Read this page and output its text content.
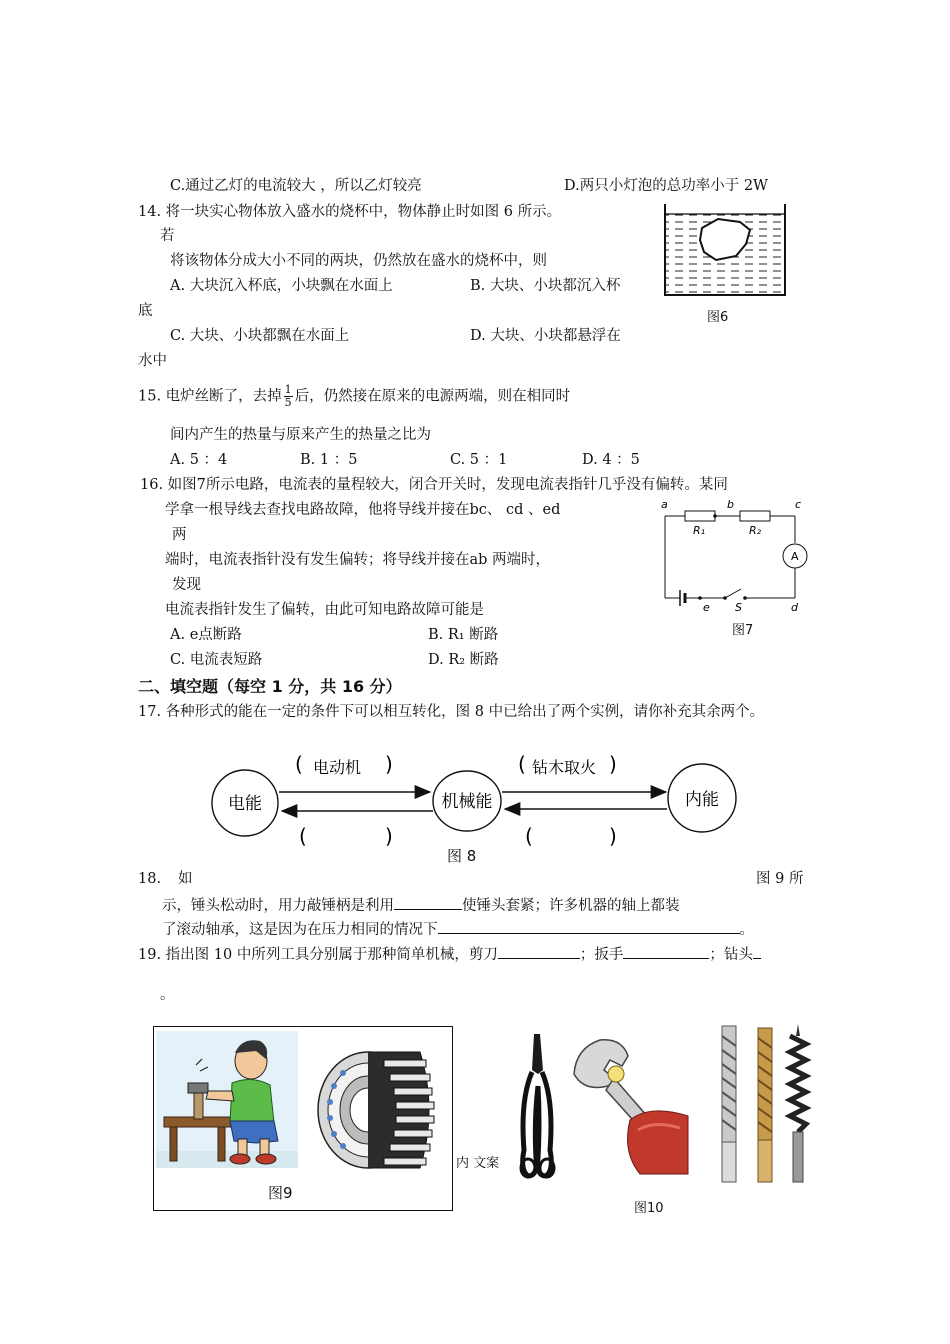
C.通过乙灯的电流较大 ，所以乙灯较亮	D.两只小灯泡的总功率小于 2W
14. 将一块实心物体放入盛水的烧杯中，物体静止时如图 6 所示。
若
将该物体分成大小不同的两块，仍然放在盛水的烧杯中，则
A. 大块沉入杯底，小块飘在水面上	B. 大块、小块都沉入杯
底
C. 大块、小块都飘在水面上	D. 大块、小块都悬浮在
水中
图6
15. 电炉丝断了，去掉 $\frac{1}{5}$ 后，仍然接在原来的电源两端，则在相同时
间内产生的热量与原来产生的热量之比为
A. 5 ：4	B. 1 ：5	C. 5 ：1	D. 4 ：5
16. 如图7所示电路，电流表的量程较大，闭合开关时，发现电流表指针几乎没有偏转。某同
学拿一根导线去查找电路故障，他将导线并接在bc、 cd 、ed
两
端时，电流表指针没有发生偏转；将导线并接在ab 两端时，
发现
电流表指针发生了偏转，由此可知电路故障可能是
A. e点断路	B. R₁ 断路
C. 电流表短路	D. R₂ 断路
a	b	c
d
e S
R₁	R₂
A
图7
二、填空题（每空 1 分，共 16 分）
17. 各种形式的能在一定的条件下可以相互转化，图 8 中已给出了两个实例，请你补充其余两个。
电能	机械能	内能
( 电动机 )	( 钻木取火 )
(	)	(	)
图 8
18. 如	图 9 所
示，锤头松动时，用力敲锤柄是利用	使锤头套紧；许多机器的轴上都装
了滚动轴承，这是因为在压力相同的情况下	。
19. 指出图 10 中所列工具分别属于那种简单机械，剪刀	；扳手	；钻头
。
图9
内 文案
图10
